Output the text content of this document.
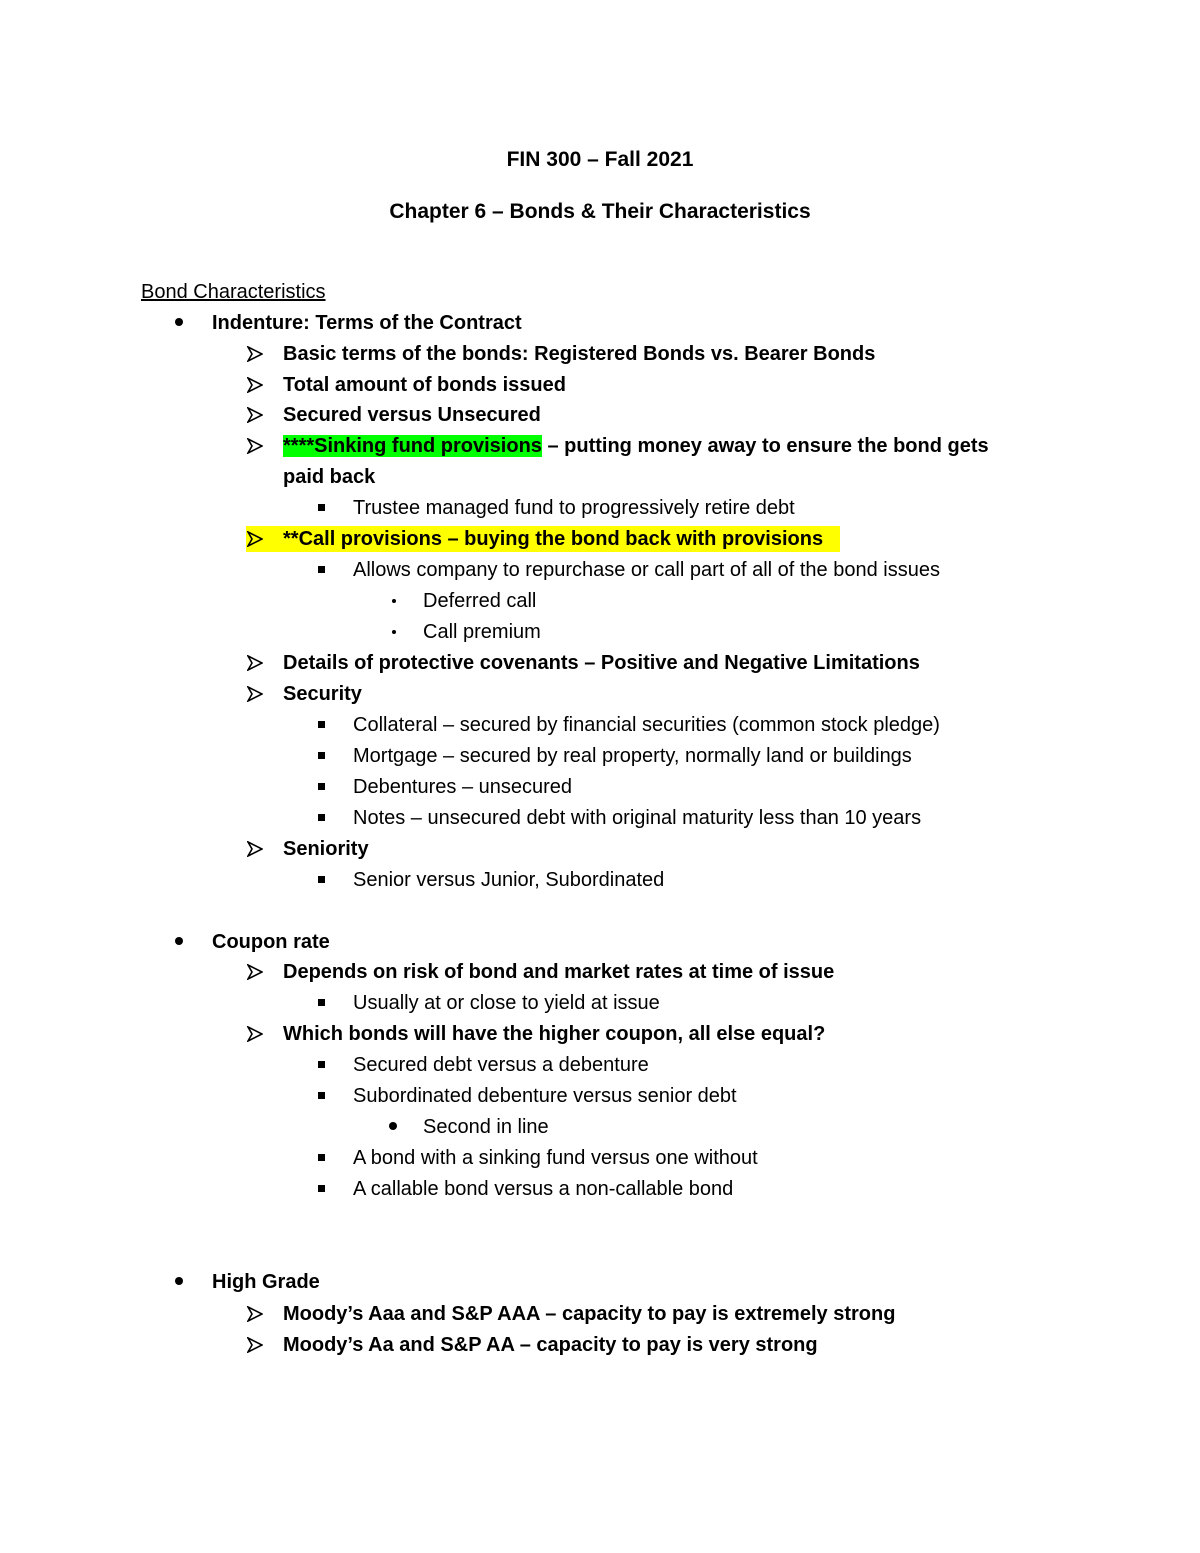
FIN 300 – Fall 2021
Chapter 6 – Bonds & Their Characteristics
Bond Characteristics
Indenture: Terms of the Contract
Basic terms of the bonds: Registered Bonds vs. Bearer Bonds
Total amount of bonds issued
Secured versus Unsecured
****Sinking fund provisions – putting money away to ensure the bond gets
paid back
Trustee managed fund to progressively retire debt
**Call provisions – buying the bond back with provisions
Allows company to repurchase or call part of all of the bond issues
Deferred call
Call premium
Details of protective covenants – Positive and Negative Limitations
Security
Collateral – secured by financial securities (common stock pledge)
Mortgage – secured by real property, normally land or buildings
Debentures – unsecured
Notes – unsecured debt with original maturity less than 10 years
Seniority
Senior versus Junior, Subordinated
Coupon rate
Depends on risk of bond and market rates at time of issue
Usually at or close to yield at issue
Which bonds will have the higher coupon, all else equal?
Secured debt versus a debenture
Subordinated debenture versus senior debt
Second in line
A bond with a sinking fund versus one without
A callable bond versus a non-callable bond
High Grade
Moody’s Aaa and S&P AAA – capacity to pay is extremely strong
Moody’s Aa and S&P AA – capacity to pay is very strong
